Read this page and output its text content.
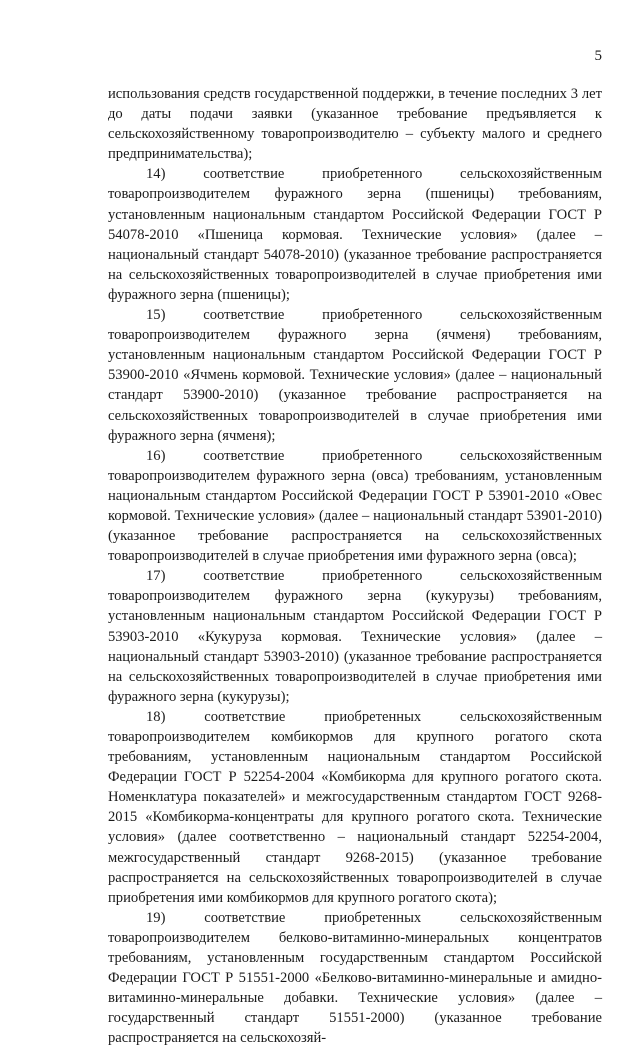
5

использования средств государственной поддержки, в течение последних 3 лет до даты подачи заявки (указанное требование предъявляется к сельскохозяйственному товаропроизводителю – субъекту малого и среднего предпринимательства);

14) соответствие приобретенного сельскохозяйственным товаропроизводителем фуражного зерна (пшеницы) требованиям, установленным национальным стандартом Российской Федерации ГОСТ Р 54078-2010 «Пшеница кормовая. Технические условия» (далее – национальный стандарт 54078-2010) (указанное требование распространяется на сельскохозяйственных товаропроизводителей в случае приобретения ими фуражного зерна (пшеницы);

15) соответствие приобретенного сельскохозяйственным товаропроизводителем фуражного зерна (ячменя) требованиям, установленным национальным стандартом Российской Федерации ГОСТ Р 53900-2010 «Ячмень кормовой. Технические условия» (далее – национальный стандарт 53900-2010) (указанное требование распространяется на сельскохозяйственных товаропроизводителей в случае приобретения ими фуражного зерна (ячменя);

16) соответствие приобретенного сельскохозяйственным товаропроизводителем фуражного зерна (овса) требованиям, установленным национальным стандартом Российской Федерации ГОСТ Р 53901-2010 «Овес кормовой. Технические условия» (далее – национальный стандарт 53901-2010) (указанное требование распространяется на сельскохозяйственных товаропроизводителей в случае приобретения ими фуражного зерна (овса);

17) соответствие приобретенного сельскохозяйственным товаропроизводителем фуражного зерна (кукурузы) требованиям, установленным национальным стандартом Российской Федерации ГОСТ Р 53903-2010 «Кукуруза кормовая. Технические условия» (далее – национальный стандарт 53903-2010) (указанное требование распространяется на сельскохозяйственных товаропроизводителей в случае приобретения ими фуражного зерна (кукурузы);

18) соответствие приобретенных сельскохозяйственным товаропроизводителем комбикормов для крупного рогатого скота требованиям, установленным национальным стандартом Российской Федерации ГОСТ Р 52254-2004 «Комбикорма для крупного рогатого скота. Номенклатура показателей» и межгосударственным стандартом ГОСТ 9268-2015 «Комбикорма-концентраты для крупного рогатого скота. Технические условия» (далее соответственно – национальный стандарт 52254-2004, межгосударственный стандарт 9268-2015) (указанное требование распространяется на сельскохозяйственных товаропроизводителей в случае приобретения ими комбикормов для крупного рогатого скота);

19) соответствие приобретенных сельскохозяйственным товаропроизводителем белково-витаминно-минеральных концентратов требованиям, установленным государственным стандартом Российской Федерации ГОСТ Р 51551-2000 «Белково-витаминно-минеральные и амидно-витаминно-минеральные добавки. Технические условия» (далее – государственный стандарт 51551-2000) (указанное требование распространяется на сельскохозяй-
